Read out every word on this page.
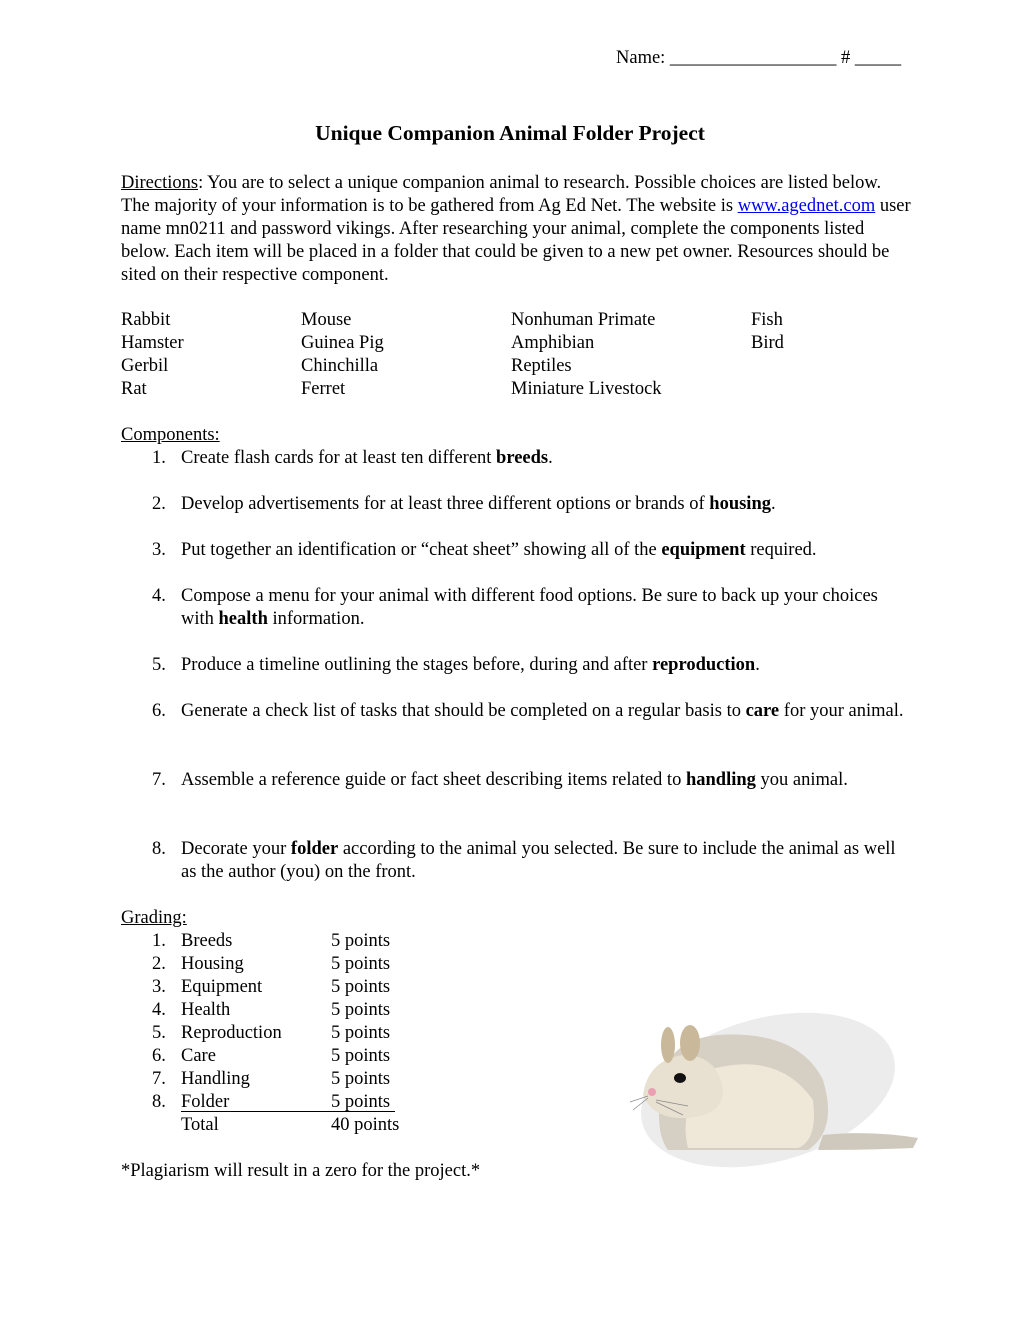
Name: __________________ # _____
Unique Companion Animal Folder Project
Directions: You are to select a unique companion animal to research. Possible choices are listed below. The majority of your information is to be gathered from Ag Ed Net. The website is www.agednet.com user name mn0211 and password vikings. After researching your animal, complete the components listed below. Each item will be placed in a folder that could be given to a new pet owner. Resources should be sited on their respective component.
Rabbit	Mouse	Nonhuman Primate	Fish
Hamster	Guinea Pig	Amphibian	Bird
Gerbil	Chinchilla	Reptiles
Rat	Ferret	Miniature Livestock
Components:
1. Create flash cards for at least ten different breeds.
2. Develop advertisements for at least three different options or brands of housing.
3. Put together an identification or “cheat sheet” showing all of the equipment required.
4. Compose a menu for your animal with different food options. Be sure to back up your choices with health information.
5. Produce a timeline outlining the stages before, during and after reproduction.
6. Generate a check list of tasks that should be completed on a regular basis to care for your animal.
7. Assemble a reference guide or fact sheet describing items related to handling you animal.
8. Decorate your folder according to the animal you selected. Be sure to include the animal as well as the author (you) on the front.
Grading:
1. Breeds	5 points
2. Housing	5 points
3. Equipment	5 points
4. Health	5 points
5. Reproduction	5 points
6. Care	5 points
7. Handling	5 points
8. Folder	5 points
Total	40 points
*Plagiarism will result in a zero for the project.*
